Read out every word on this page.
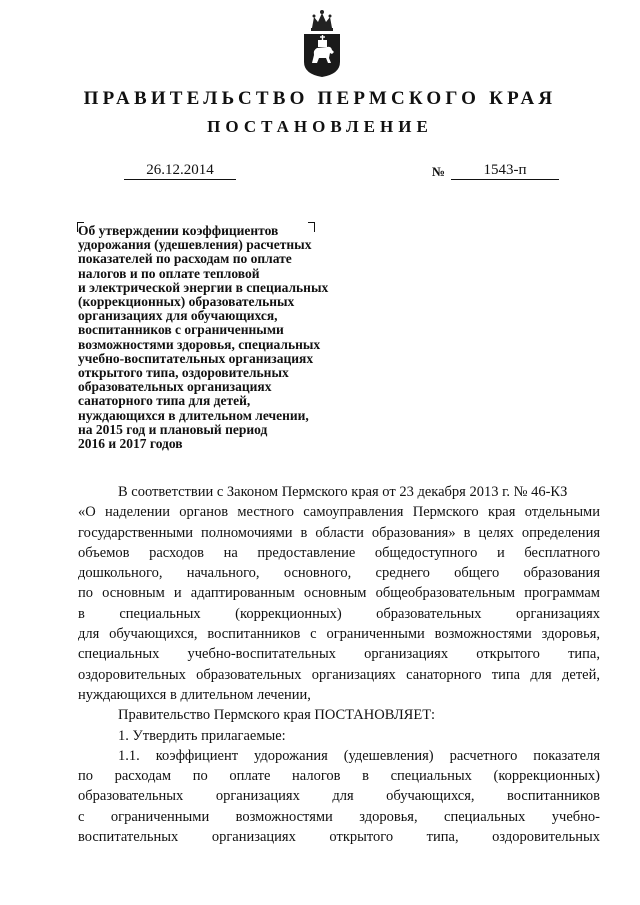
ПРАВИТЕЛЬСТВО ПЕРМСКОГО КРАЯ
ПОСТАНОВЛЕНИЕ
26.12.2014	№	1543-п
Об утверждении коэффициентов
удорожания (удешевления) расчетных
показателей по расходам по оплате
налогов и по оплате тепловой
и электрической энергии в специальных
(коррекционных) образовательных
организациях для обучающихся,
воспитанников с ограниченными
возможностями здоровья, специальных
учебно-воспитательных организациях
открытого типа, оздоровительных
образовательных организациях
санаторного типа для детей,
нуждающихся в длительном лечении,
на 2015 год и плановый период
2016 и 2017 годов
В соответствии с Законом Пермского края от 23 декабря 2013 г. № 46-КЗ
«О наделении органов местного самоуправления Пермского края отдельными
государственными полномочиями в области образования» в целях определения
объемов расходов на предоставление общедоступного и бесплатного
дошкольного, начального, основного, среднего общего образования
по основным и адаптированным основным общеобразовательным программам
в специальных (коррекционных) образовательных организациях
для обучающихся, воспитанников с ограниченными возможностями здоровья,
специальных учебно-воспитательных организациях открытого типа,
оздоровительных образовательных организациях санаторного типа для детей,
нуждающихся в длительном лечении,
Правительство Пермского края ПОСТАНОВЛЯЕТ:
1. Утвердить прилагаемые:
1.1. коэффициент удорожания (удешевления) расчетного показателя
по расходам по оплате налогов в специальных (коррекционных)
образовательных организациях для обучающихся, воспитанников
с ограниченными возможностями здоровья, специальных учебно-
воспитательных организациях открытого типа, оздоровительных
